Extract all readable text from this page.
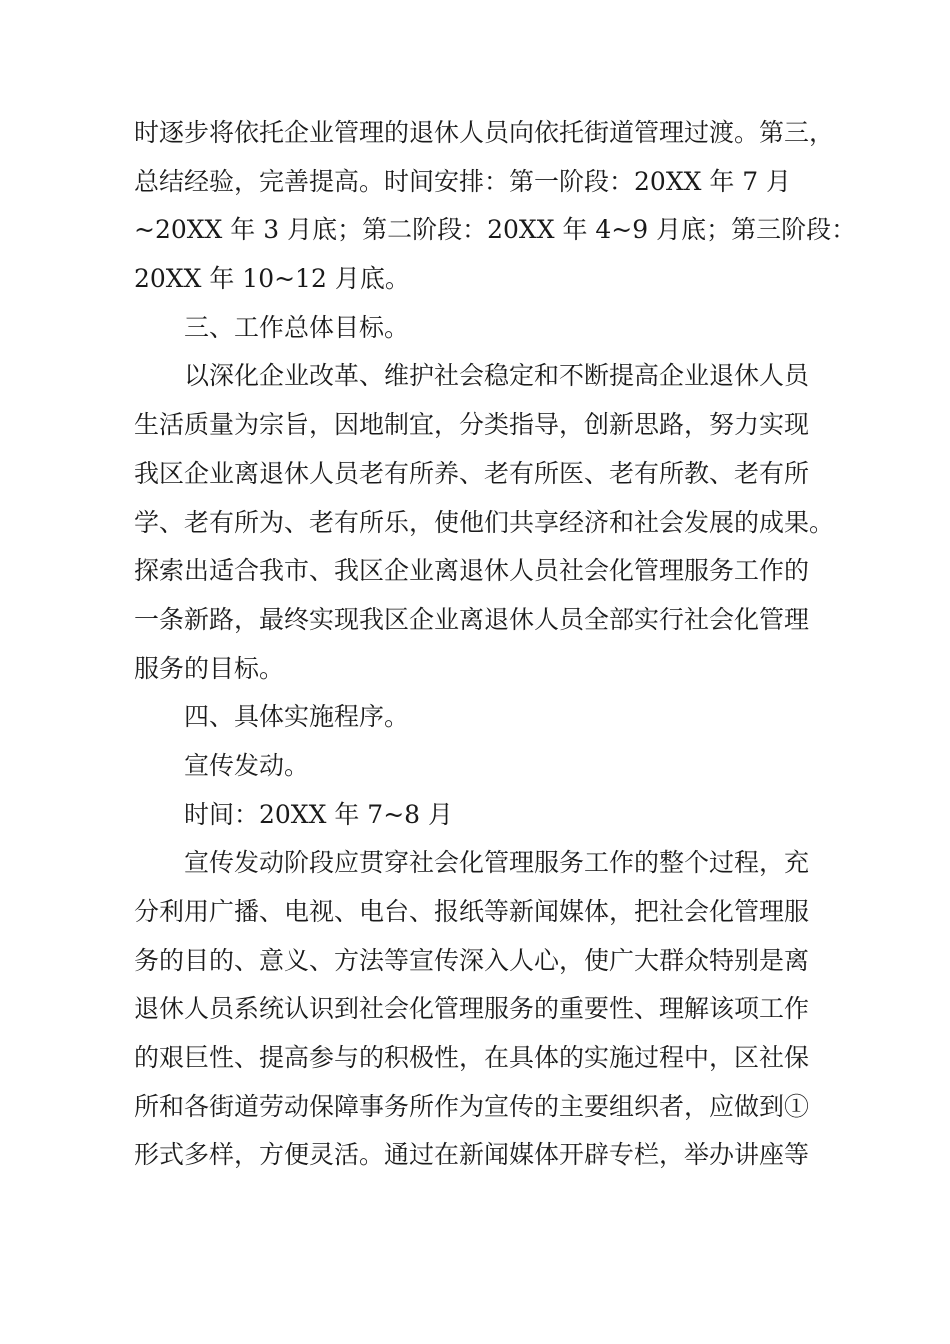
时逐步将依托企业管理的退休人员向依托街道管理过渡。第三，
总结经验，完善提高。时间安排：第一阶段：20XX 年 7 月
~20XX 年 3 月底；第二阶段：20XX 年 4~9 月底；第三阶段：
20XX 年 10~12 月底。
三、工作总体目标。
以深化企业改革、维护社会稳定和不断提高企业退休人员
生活质量为宗旨，因地制宜，分类指导，创新思路，努力实现
我区企业离退休人员老有所养、老有所医、老有所教、老有所
学、老有所为、老有所乐，使他们共享经济和社会发展的成果。
探索出适合我市、我区企业离退休人员社会化管理服务工作的
一条新路，最终实现我区企业离退休人员全部实行社会化管理
服务的目标。
四、具体实施程序。
宣传发动。
时间：20XX 年 7~8 月
宣传发动阶段应贯穿社会化管理服务工作的整个过程，充
分利用广播、电视、电台、报纸等新闻媒体，把社会化管理服
务的目的、意义、方法等宣传深入人心，使广大群众特别是离
退休人员系统认识到社会化管理服务的重要性、理解该项工作
的艰巨性、提高参与的积极性，在具体的实施过程中，区社保
所和各街道劳动保障事务所作为宣传的主要组织者，应做到①
形式多样，方便灵活。通过在新闻媒体开辟专栏，举办讲座等
